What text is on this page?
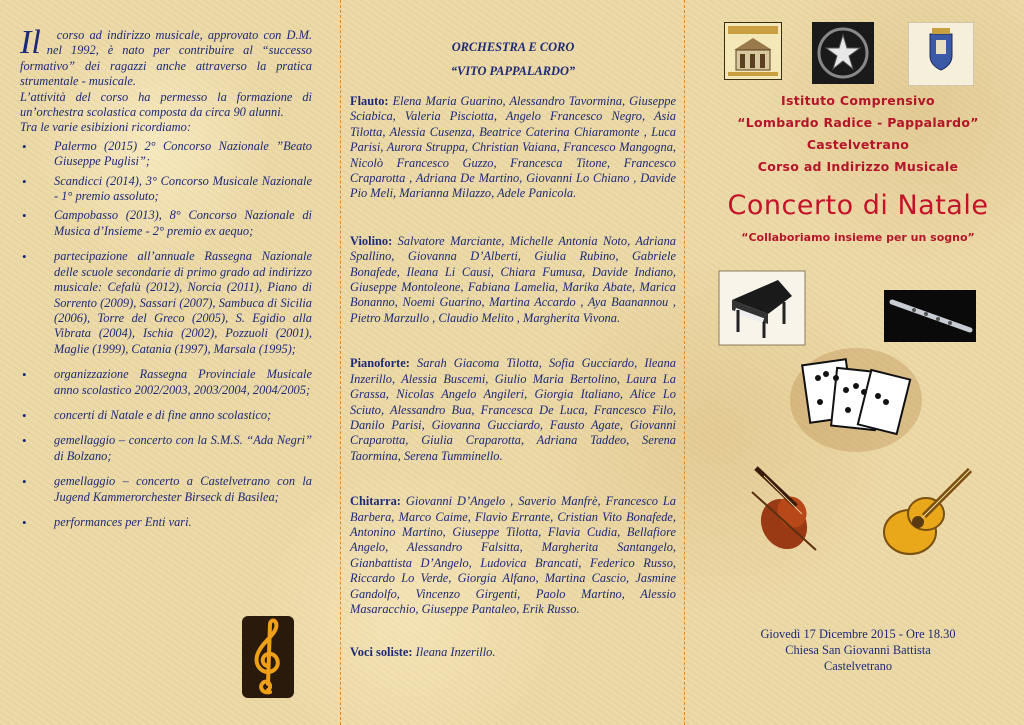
Il	corso ad indirizzo musicale, approvato con D.M. nel 1992, è nato per contribuire al “successo formativo” dei ragazzi anche attraverso la pratica strumentale - musicale.

L’attività del corso ha permesso la formazione di un’orchestra scolastica composta da circa 90 alunni.

Tra le varie esibizioni ricordiamo:

• Palermo (2015) 2° Concorso Nazionale ”Beato Giuseppe Puglisi”;
• Scandicci (2014), 3° Concorso Musicale Nazionale - 1° premio assoluto;
• Campobasso (2013), 8° Concorso Nazionale di Musica d’Insieme - 2° premio ex aequo;
• partecipazione all’annuale Rassegna Nazionale delle scuole secondarie di primo grado ad indirizzo musicale: Cefalù (2012), Norcia (2011), Piano di Sorrento (2009), Sassari (2007), Sambuca di Sicilia (2006), Torre del Greco (2005), S. Egidio alla Vibrata (2004), Ischia (2002), Pozzuoli (2001), Maglie (1999), Catania (1997), Marsala (1995);
• organizzazione Rassegna Provinciale Musicale anno scolastico 2002/2003, 2003/2004, 2004/2005;
• concerti di Natale e di fine anno scolastico;
• gemellaggio – concerto con la S.M.S. “Ada Negri” di Bolzano;
• gemellaggio – concerto a Castelvetrano con la Jugend Kammerorchester Birseck di Basilea;
• performances per Enti vari.
ORCHESTRA E CORO
“VITO PAPPALARDO”
Flauto: Elena Maria Guarino, Alessandro Tavormina, Giuseppe Sciabica, Valeria Pisciotta, Angelo Francesco Negro, Asia Tilotta, Alessia Cusenza, Beatrice Caterina Chiaramonte , Luca Parisi, Aurora Struppa, Christian Vaiana, Francesco Mangogna, Nicolò Francesco Guzzo, Francesca Titone, Francesco Craparotta , Adriana De Martino, Giovanni Lo Chiano , Davide Pio Meli, Marianna Milazzo, Adele Panicola.
Violino: Salvatore Marciante, Michelle Antonia Noto, Adriana Spallino, Giovanna D’Alberti, Giulia Rubino, Gabriele Bonafede, Ileana Li Causi, Chiara Fumusa, Davide Indiano, Giuseppe Montoleone, Fabiana Lamelia, Marika Abate, Marica Bonanno, Noemi Guarino, Martina Accardo , Aya Baanannou , Pietro Marzullo , Claudio Melito , Margherita Vivona.
Pianoforte: Sarah Giacoma Tilotta, Sofia Gucciardo, Ileana Inzerillo, Alessia Buscemi, Giulio Maria Bertolino, Laura La Grassa, Nicolas Angelo Angileri, Giorgia Italiano, Alice Lo Sciuto, Alessandro Bua, Francesca De Luca, Francesco Filo, Danilo Parisi, Giovanna Gucciardo, Fausto Agate, Giovanni Craparotta, Giulia Craparotta, Adriana Taddeo, Serena Taormina, Serena Tumminello.
Chitarra: Giovanni D’Angelo , Saverio Manfrè, Francesco La Barbera, Marco Caime, Flavio Errante, Cristian Vito Bonafede, Antonino Martino, Giuseppe Tilotta, Flavia Cudia, Bellafiore Angelo, Alessandro Falsitta, Margherita Santangelo, Gianbattista D’Angelo, Ludovica Brancati, Federico Russo, Riccardo Lo Verde, Giorgia Alfano, Martina Cascio, Jasmine Gandolfo, Vincenzo Girgenti, Paolo Martino, Alessio Masaracchio, Giuseppe Pantaleo, Erik Russo.
Voci soliste: Ileana Inzerillo.
Istituto Comprensivo
“Lombardo Radice - Pappalardo”
Castelvetrano
Corso ad Indirizzo Musicale
Concerto di Natale
“Collaboriamo insieme per un sogno”
Giovedì 17 Dicembre 2015 - Ore 18.30
Chiesa San Giovanni Battista
Castelvetrano
